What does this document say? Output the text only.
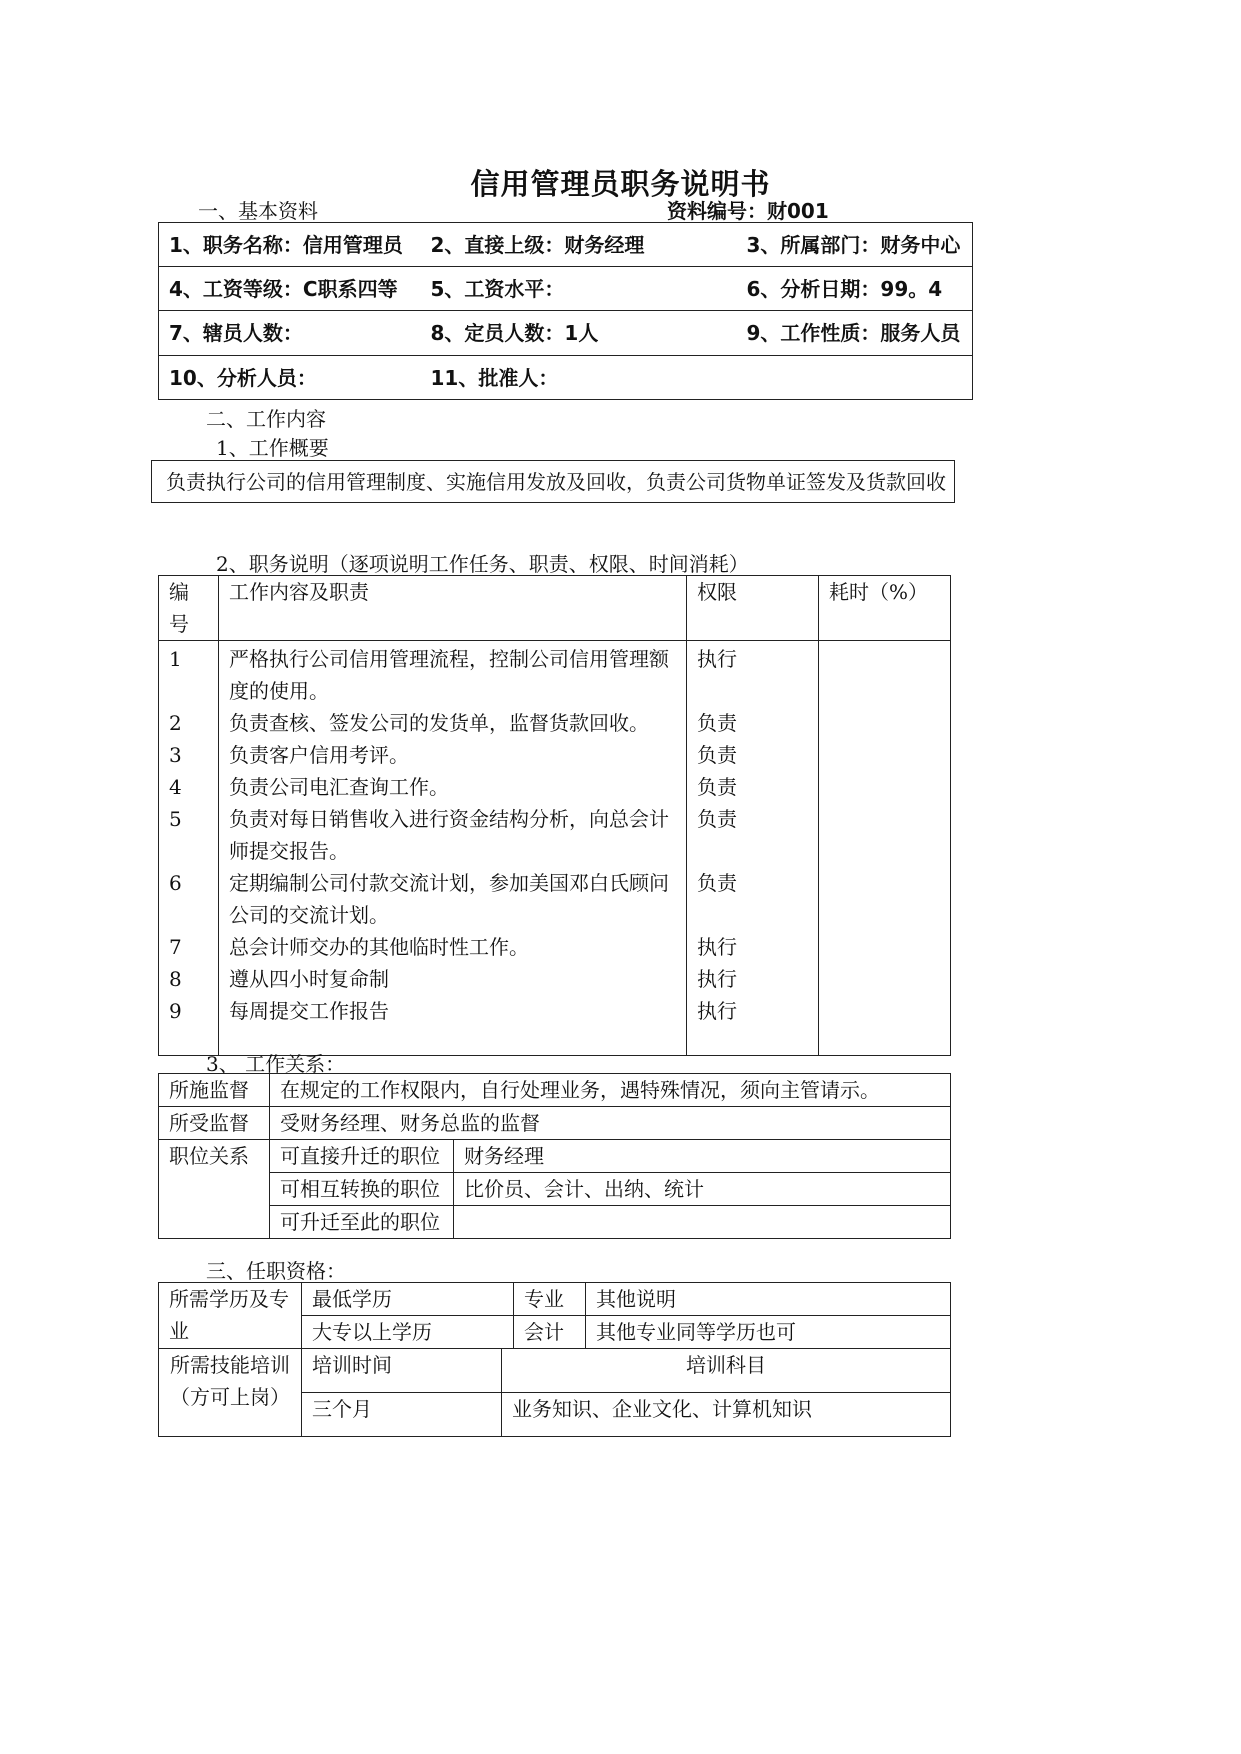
信用管理员职务说明书
一、基本资料	资料编号：财001
1、职务名称：信用管理员	2、直接上级：财务经理	3、所属部门：财务中心
4、工资等级：C职系四等	5、工资水平：	6、分析日期：99。4
7、辖员人数：	8、定员人数：1人	9、工作性质：服务人员
10、分析人员：	11、批准人：	
二、工作内容
1、工作概要
负责执行公司的信用管理制度、实施信用发放及回收，负责公司货物单证签发及货款回收
2、职务说明（逐项说明工作任务、职责、权限、时间消耗）
编号	工作内容及职责	权限	耗时（%）
1	严格执行公司信用管理流程，控制公司信用管理额度的使用。	执行	
2	负责查核、签发公司的发货单，监督货款回收。	负责	
3	负责客户信用考评。	负责	
4	负责公司电汇查询工作。	负责	
5	负责对每日销售收入进行资金结构分析，向总会计师提交报告。	负责	
6	定期编制公司付款交流计划，参加美国邓白氏顾问公司的交流计划。	负责	
7	总会计师交办的其他临时性工作。	执行	
8	遵从四小时复命制	执行	
9	每周提交工作报告	执行	

3、 工作关系：
所施监督	在规定的工作权限内，自行处理业务，遇特殊情况，须向主管请示。	
所受监督	受财务经理、财务总监的监督	
职位关系	可直接升迁的职位	财务经理
	可相互转换的职位	比价员、会计、出纳、统计
	可升迁至此的职位	
三、任职资格：
所需学历及专业	最低学历		专业	其他说明
	大专以上学历		会计	其他专业同等学历也可
所需技能培训（方可上岗）	培训时间	培训科目		
	三个月	业务知识、企业文化、计算机知识		
